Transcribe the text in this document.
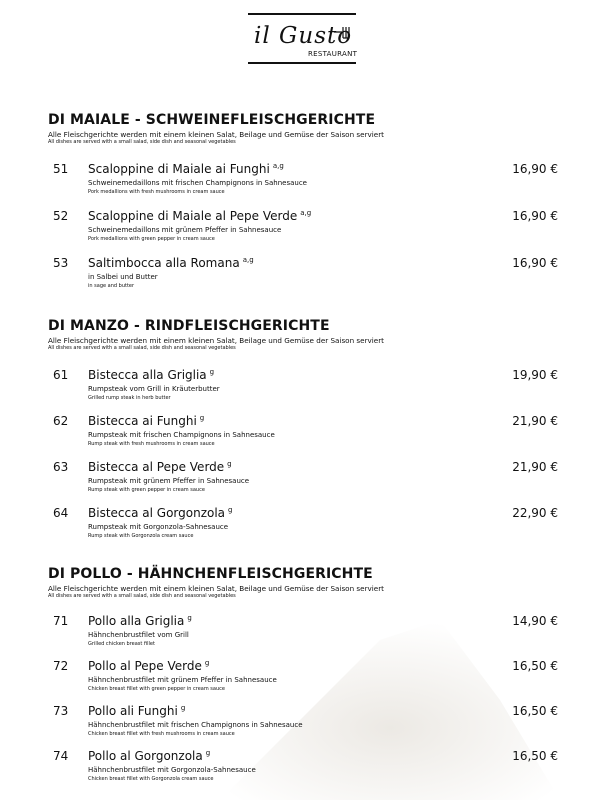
il Gusto
RESTAURANT
DI MAIALE - SCHWEINEFLEISCHGERICHTE
Alle Fleischgerichte werden mit einem kleinen Salat, Beilage und Gemüse der Saison serviert
All dishes are served with a small salad, side dish and seasonal vegetables
51 Scaloppine di Maiale ai Funghi $^{a,g}$
Schweinemedaillons mit frischen Champignons in Sahnesauce
Pork medallions with fresh mushrooms in cream sauce
16,90 €
52 Scaloppine di Maiale al Pepe Verde $^{a,g}$
Schweinemedaillons mit grünem Pfeffer in Sahnesauce
Pork medallions with green pepper in cream sauce
16,90 €
53 Saltimbocca alla Romana $^{a,g}$
in Salbei und Butter
in sage and butter
16,90 €
DI MANZO - RINDFLEISCHGERICHTE
Alle Fleischgerichte werden mit einem kleinen Salat, Beilage und Gemüse der Saison serviert
All dishes are served with a small salad, side dish and seasonal vegetables
61 Bistecca alla Griglia $^g$
Rumpsteak vom Grill in Kräuterbutter
Grilled rump steak in herb butter
19,90 €
62 Bistecca ai Funghi $^g$
Rumpsteak mit frischen Champignons in Sahnesauce
Rump steak with fresh mushrooms in cream sauce
21,90 €
63 Bistecca al Pepe Verde $^g$
Rumpsteak mit grünem Pfeffer in Sahnesauce
Rump steak with green pepper in cream sauce
21,90 €
64 Bistecca al Gorgonzola $^g$
Rumpsteak mit Gorgonzola-Sahnesauce
Rump steak with Gorgonzola cream sauce
22,90 €
DI POLLO - HÄHNCHENFLEISCHGERICHTE
Alle Fleischgerichte werden mit einem kleinen Salat, Beilage und Gemüse der Saison serviert
All dishes are served with a small salad, side dish and seasonal vegetables
71 Pollo alla Griglia $^g$
Hähnchenbrustfilet vom Grill
Grilled chicken breast fillet
14,90 €
72 Pollo al Pepe Verde $^g$
Hähnchenbrustfilet mit grünem Pfeffer in Sahnesauce
Chicken breast fillet with green pepper in cream sauce
16,50 €
73 Pollo ali Funghi $^g$
Hähnchenbrustfilet mit frischen Champignons in Sahnesauce
Chicken breast fillet with fresh mushrooms in cream sauce
16,50 €
74 Pollo al Gorgonzola $^g$
Hähnchenbrustfilet mit Gorgonzola-Sahnesauce
Chicken breast fillet with Gorgonzola cream sauce
16,50 €
